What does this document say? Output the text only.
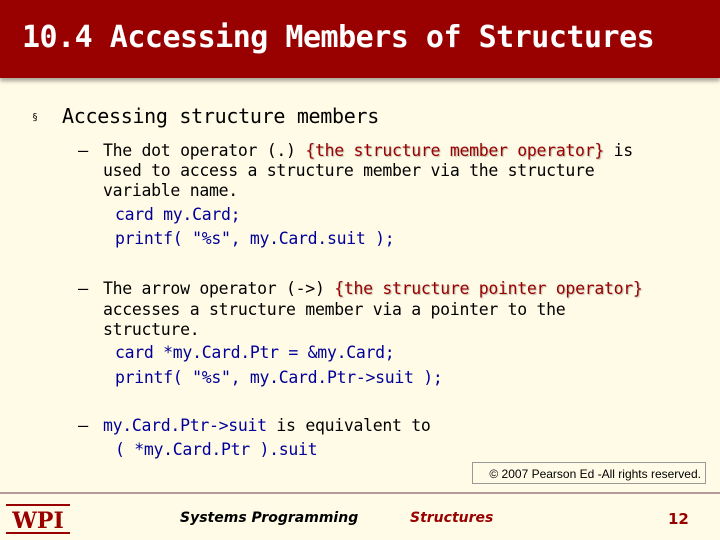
10.4 Accessing Members of Structures
§ Accessing structure members
– The dot operator (.) {the structure member operator} is
used to access a structure member via the structure
variable name.
card my.Card;
printf( "%s", my.Card.suit );
– The arrow operator (->) {the structure pointer operator}
accesses a structure member via a pointer to the
structure.
card *my.Card.Ptr = &my.Card;
printf( "%s", my.Card.Ptr->suit );
– my.Card.Ptr->suit is equivalent to
( *my.Card.Ptr ).suit
© 2007 Pearson Ed -All rights reserved.
WPI	Systems Programming	Structures	12
